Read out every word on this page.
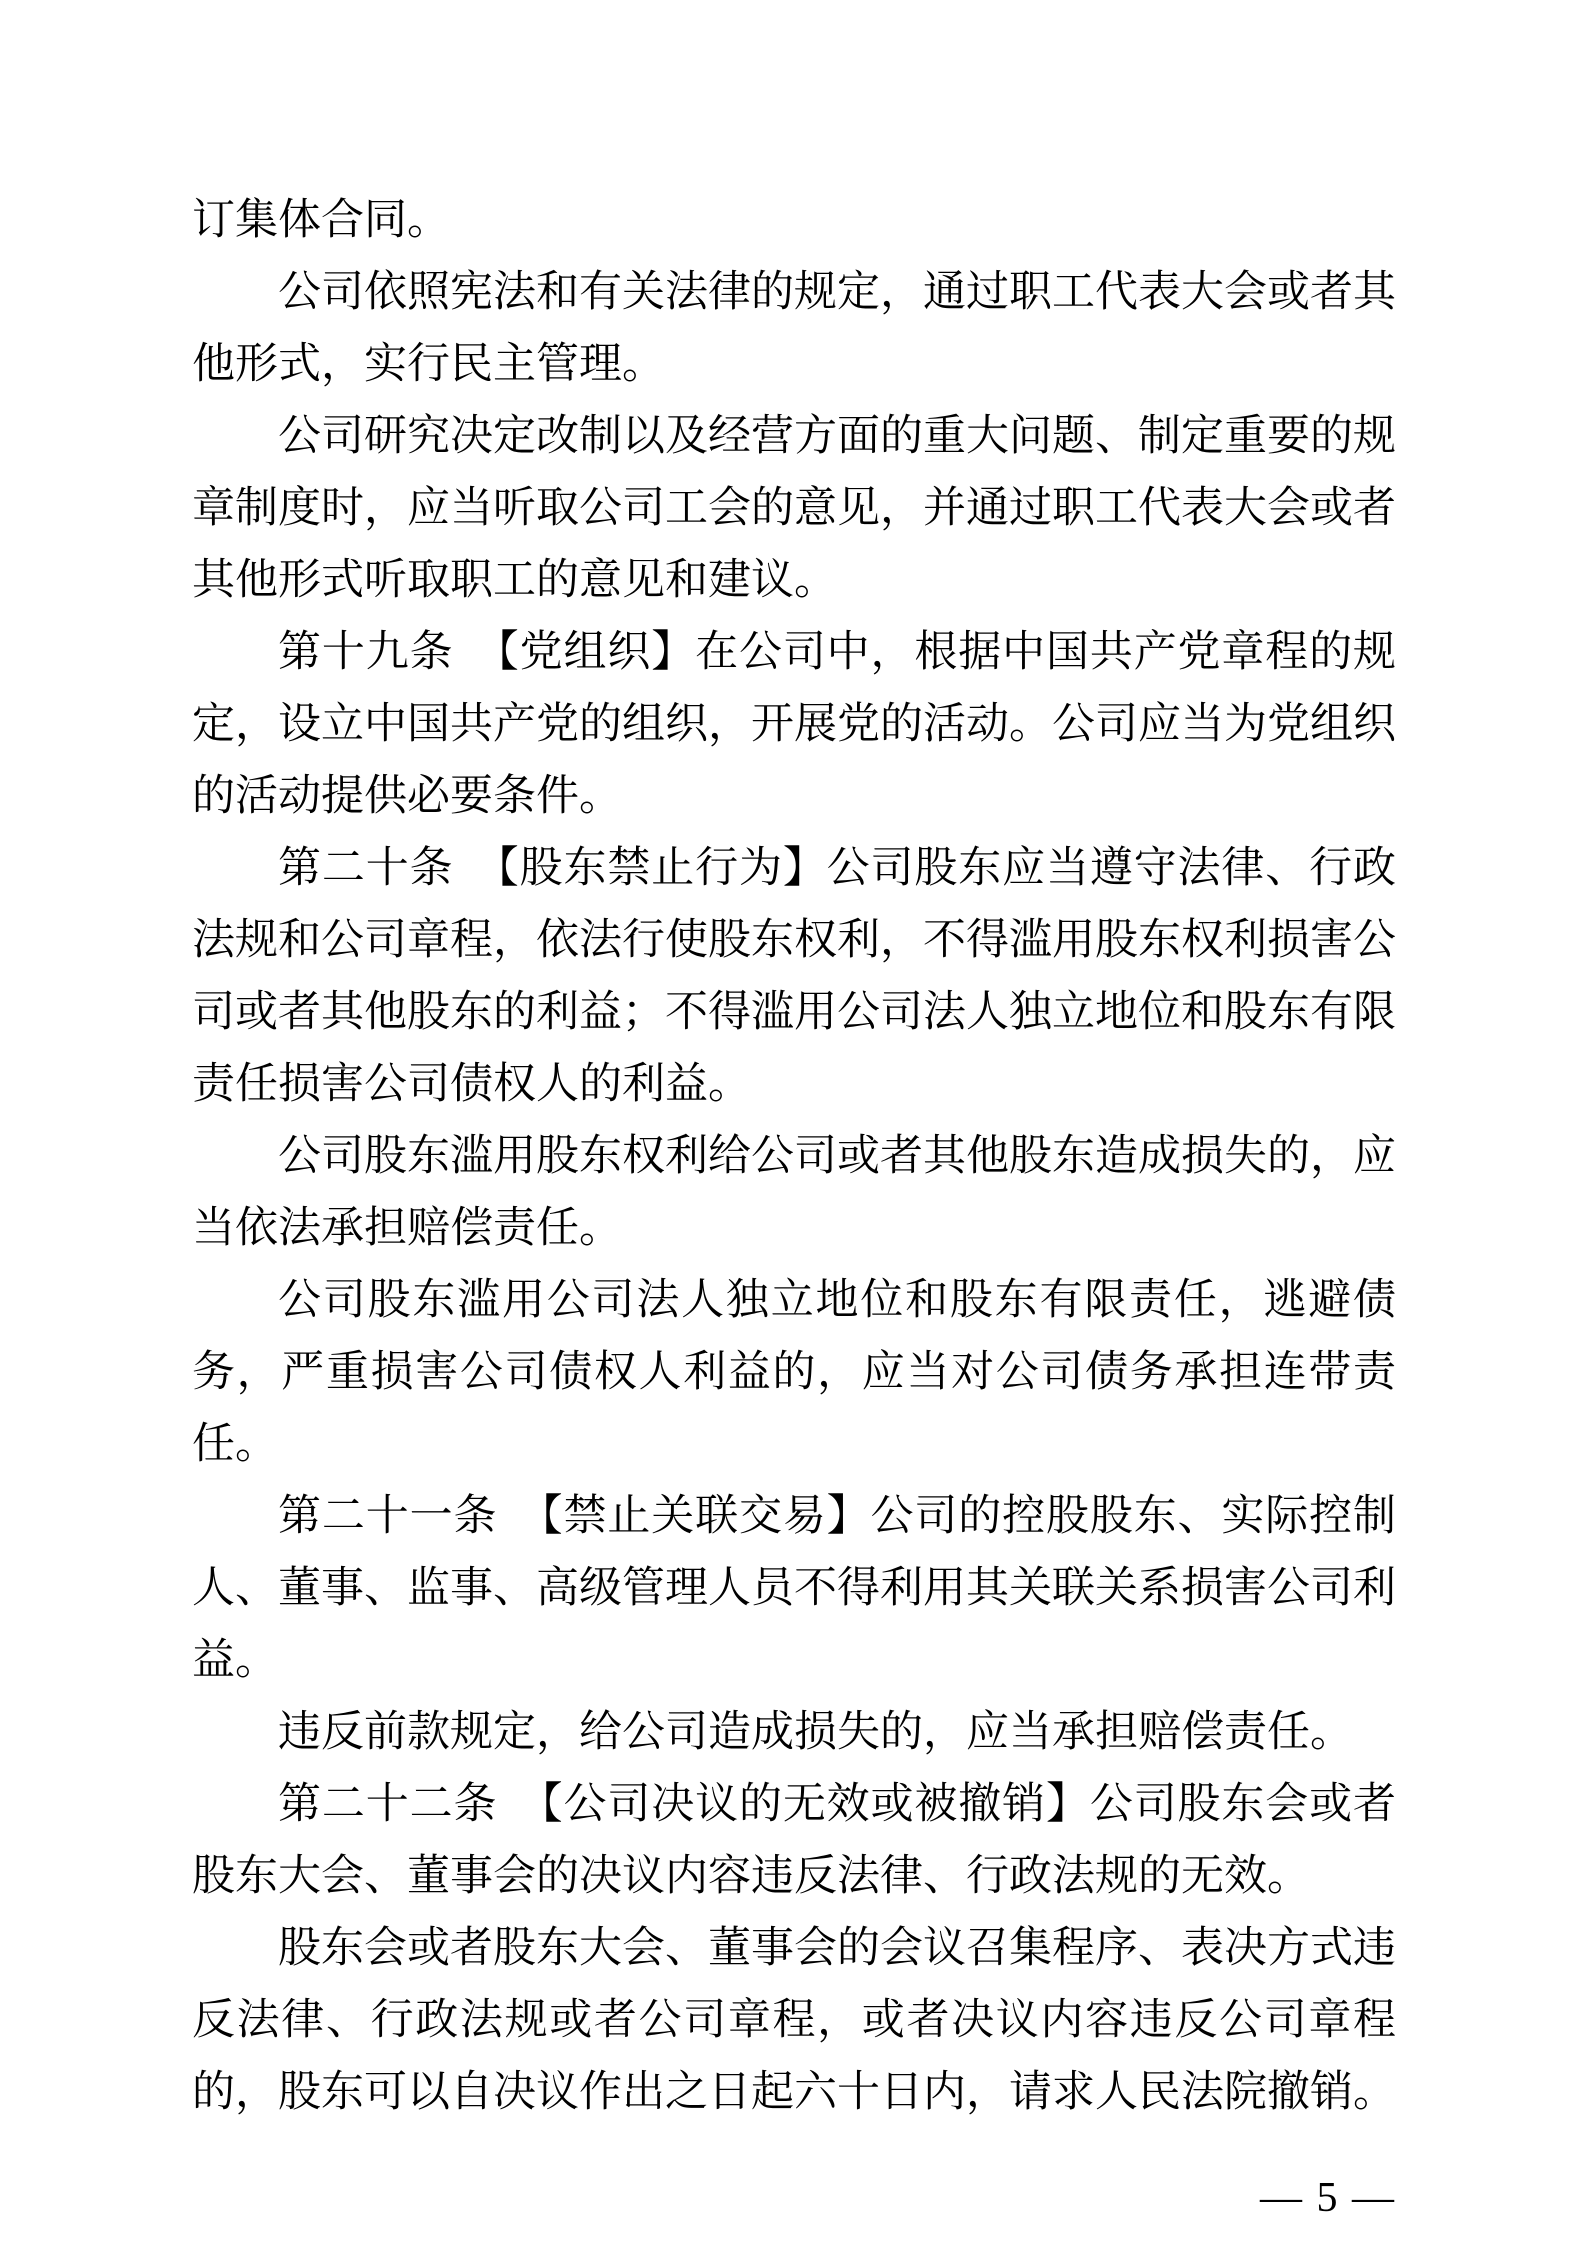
订集体合同。

公司依照宪法和有关法律的规定，通过职工代表大会或者其他形式，实行民主管理。

公司研究决定改制以及经营方面的重大问题、制定重要的规章制度时，应当听取公司工会的意见，并通过职工代表大会或者其他形式听取职工的意见和建议。

第十九条　【党组织】在公司中，根据中国共产党章程的规定，设立中国共产党的组织，开展党的活动。公司应当为党组织的活动提供必要条件。

第二十条　【股东禁止行为】公司股东应当遵守法律、行政法规和公司章程，依法行使股东权利，不得滥用股东权利损害公司或者其他股东的利益；不得滥用公司法人独立地位和股东有限责任损害公司债权人的利益。

公司股东滥用股东权利给公司或者其他股东造成损失的，应当依法承担赔偿责任。

公司股东滥用公司法人独立地位和股东有限责任，逃避债务，严重损害公司债权人利益的，应当对公司债务承担连带责任。

第二十一条　【禁止关联交易】公司的控股股东、实际控制人、董事、监事、高级管理人员不得利用其关联关系损害公司利益。

违反前款规定，给公司造成损失的，应当承担赔偿责任。

第二十二条　【公司决议的无效或被撤销】公司股东会或者股东大会、董事会的决议内容违反法律、行政法规的无效。

股东会或者股东大会、董事会的会议召集程序、表决方式违反法律、行政法规或者公司章程，或者决议内容违反公司章程的，股东可以自决议作出之日起六十日内，请求人民法院撤销。

— 5 —
